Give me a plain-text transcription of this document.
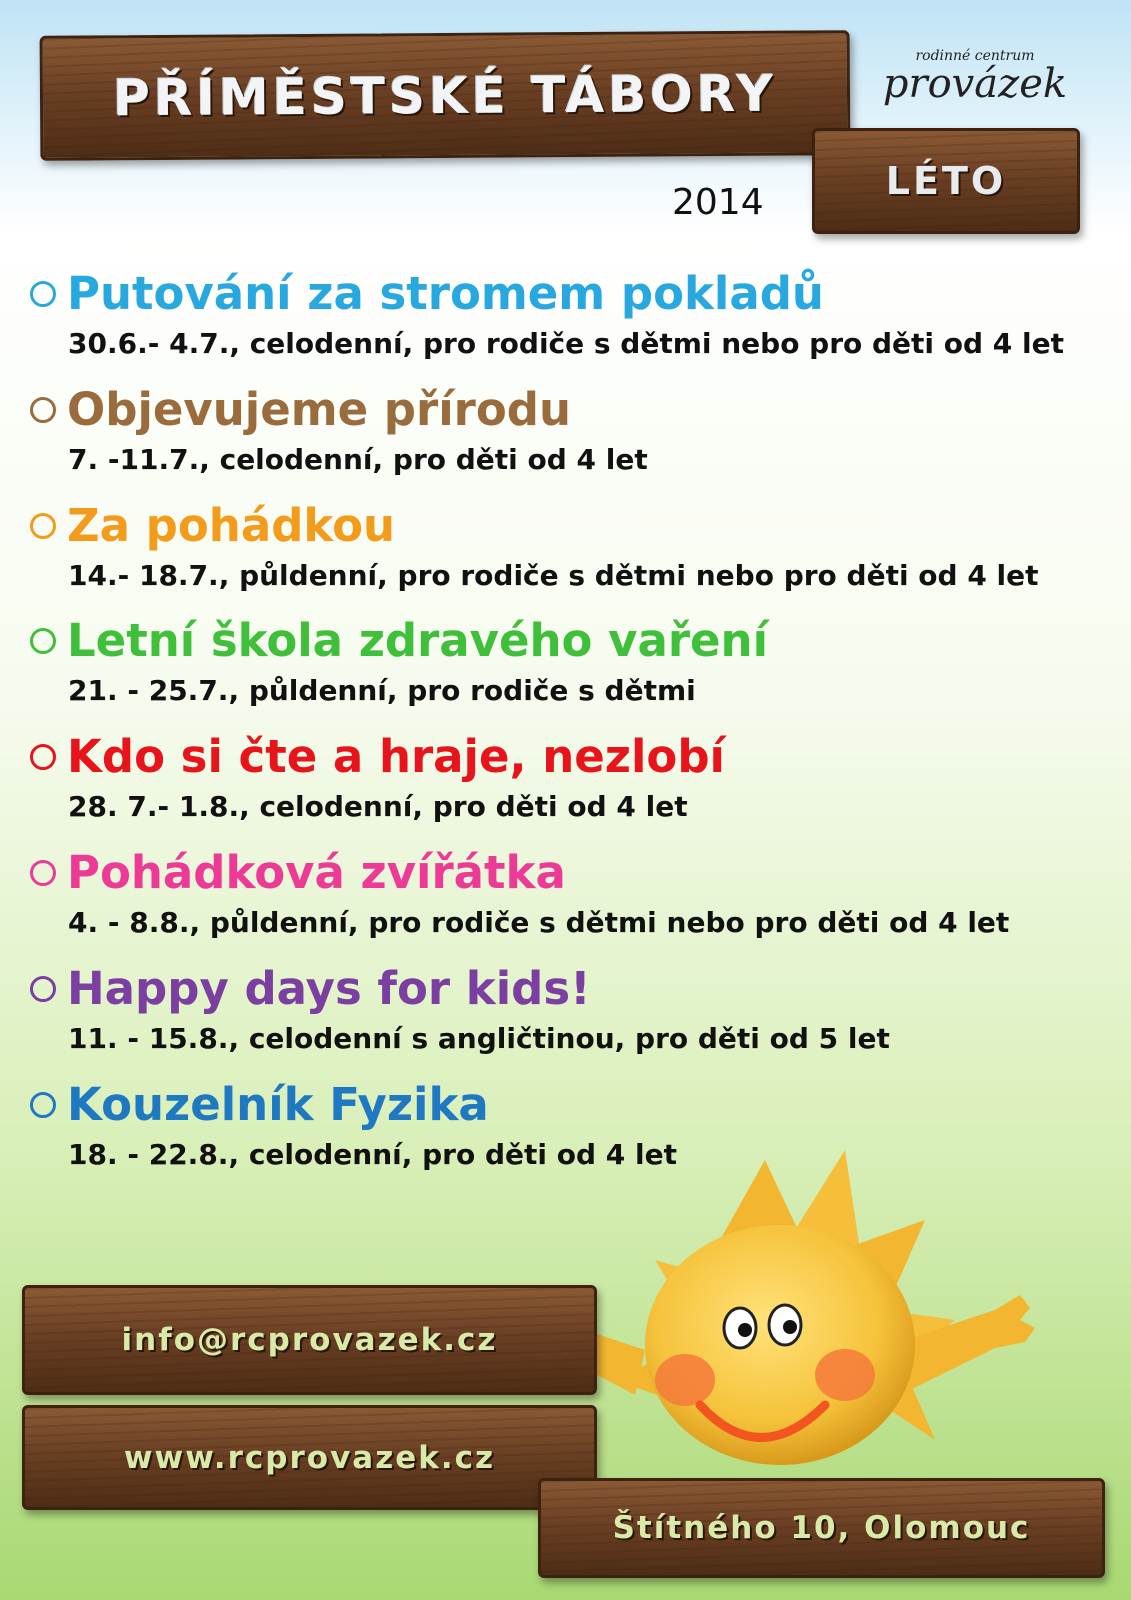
PŘÍMĚSTSKÉ TÁBORY
LÉTO
rodinné centrum
provázek
2014
Putování za stromem pokladů
30.6.- 4.7., celodenní, pro rodiče s dětmi nebo pro děti od 4 let
Objevujeme přírodu
7. -11.7., celodenní, pro děti od 4 let
Za pohádkou
14.- 18.7., půldenní, pro rodiče s dětmi nebo pro děti od 4 let
Letní škola zdravého vaření
21. - 25.7., půldenní, pro rodiče s dětmi
Kdo si čte a hraje, nezlobí
28. 7.- 1.8., celodenní, pro děti od 4 let
Pohádková zvířátka
4. - 8.8., půldenní, pro rodiče s dětmi nebo pro děti od 4 let
Happy days for kids!
11. - 15.8., celodenní s angličtinou, pro děti od 5 let
Kouzelník Fyzika
18. - 22.8., celodenní, pro děti od 4 let
info@rcprovazek.cz
www.rcprovazek.cz
Štítného 10, Olomouc
